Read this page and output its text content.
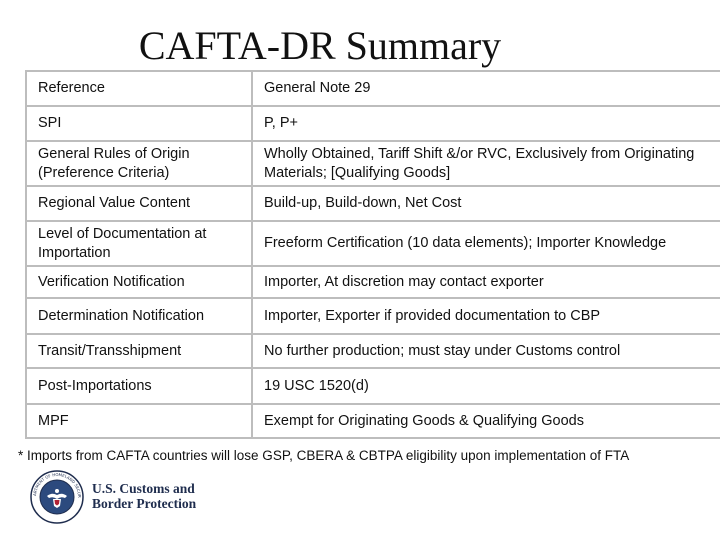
CAFTA-DR Summary
Reference	General Note 29
SPI	P, P+
General Rules of Origin (Preference Criteria)	Wholly Obtained, Tariff Shift &/or RVC, Exclusively from Originating Materials; [Qualifying Goods]
Regional Value Content	Build-up, Build-down, Net Cost
Level of Documentation at Importation	Freeform Certification (10 data elements); Importer Knowledge
Verification Notification	Importer, At discretion may contact exporter
Determination Notification	Importer, Exporter if provided documentation to CBP
Transit/Transshipment	No further production; must stay under Customs control
Post-Importations	19 USC 1520(d)
MPF	Exempt for Originating Goods & Qualifying Goods
* Imports from CAFTA countries will lose GSP, CBERA & CBTPA eligibility upon implementation of FTA
ARTMENT OF HOMELAND SECUR
U.S. Customs and
Border Protection
